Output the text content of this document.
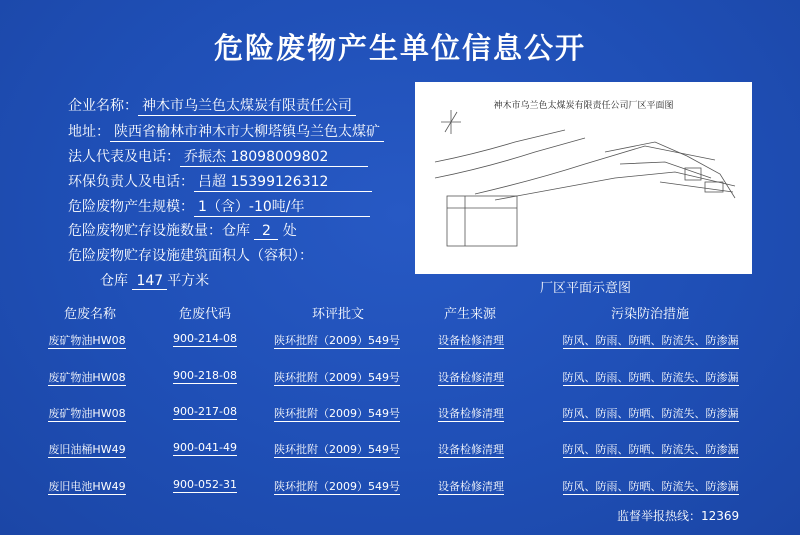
危险废物产生单位信息公开
企业名称： 神木市乌兰色太煤炭有限责任公司
地址： 陕西省榆林市神木市大柳塔镇乌兰色太煤矿
法人代表及电话： 乔振杰 18098009802
环保负责人及电话： 吕超 15399126312
危险废物产生规模： 1（含）-10吨/年
危险废物贮存设施数量：仓库 2 处
危险废物贮存设施建筑面积人（容积）：
仓库 147 平方米
神木市乌兰色太煤炭有限责任公司厂区平面图
厂区平面示意图
危废名称	危废代码	环评批文	产生来源	污染防治措施
废矿物油HW08	900-214-08	陕环批附（2009）549号	设备检修清理	防风、防雨、防晒、防流失、防渗漏
废矿物油HW08	900-218-08	陕环批附（2009）549号	设备检修清理	防风、防雨、防晒、防流失、防渗漏
废矿物油HW08	900-217-08	陕环批附（2009）549号	设备检修清理	防风、防雨、防晒、防流失、防渗漏
废旧油桶HW49	900-041-49	陕环批附（2009）549号	设备检修清理	防风、防雨、防晒、防流失、防渗漏
废旧电池HW49	900-052-31	陕环批附（2009）549号	设备检修清理	防风、防雨、防晒、防流失、防渗漏
监督举报热线：12369
